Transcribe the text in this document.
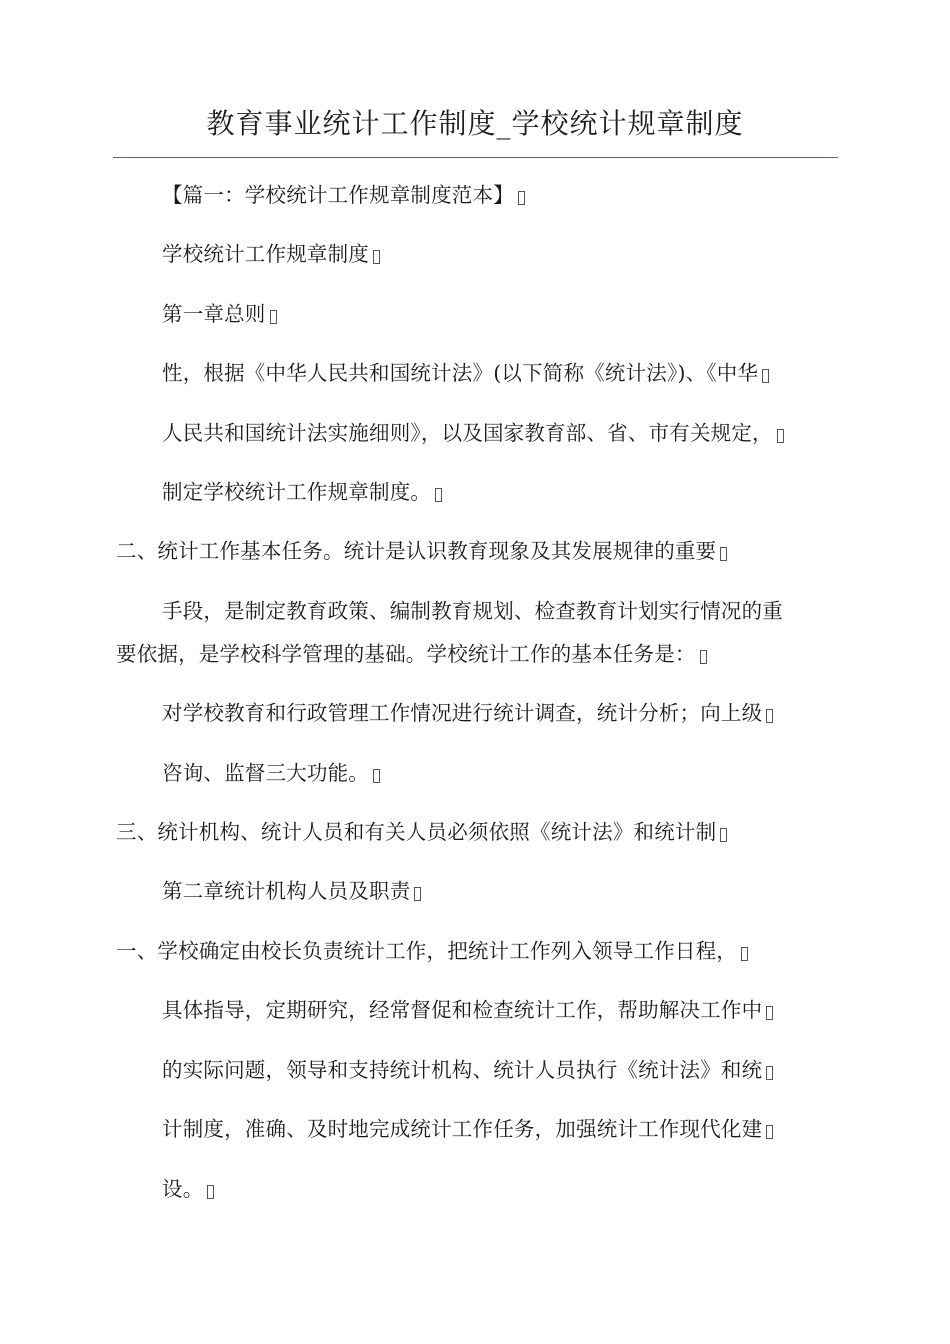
教育事业统计工作制度_学校统计规章制度
【篇一：学校统计工作规章制度范本】
学校统计工作规章制度
第一章总则
性，根据《中华人民共和国统计法》(以下简称《统计法》)、《中华
人民共和国统计法实施细则》，以及国家教育部、省、市有关规定，
制定学校统计工作规章制度。
二、统计工作基本任务。统计是认识教育现象及其发展规律的重要
手段，是制定教育政策、编制教育规划、检查教育计划实行情况的重
要依据，是学校科学管理的基础。学校统计工作的基本任务是：
对学校教育和行政管理工作情况进行统计调查，统计分析；向上级
咨询、监督三大功能。
三、统计机构、统计人员和有关人员必须依照《统计法》和统计制
第二章统计机构人员及职责
一、学校确定由校长负责统计工作，把统计工作列入领导工作日程，
具体指导，定期研究，经常督促和检查统计工作，帮助解决工作中
的实际问题，领导和支持统计机构、统计人员执行《统计法》和统
计制度，准确、及时地完成统计工作任务，加强统计工作现代化建
设。
